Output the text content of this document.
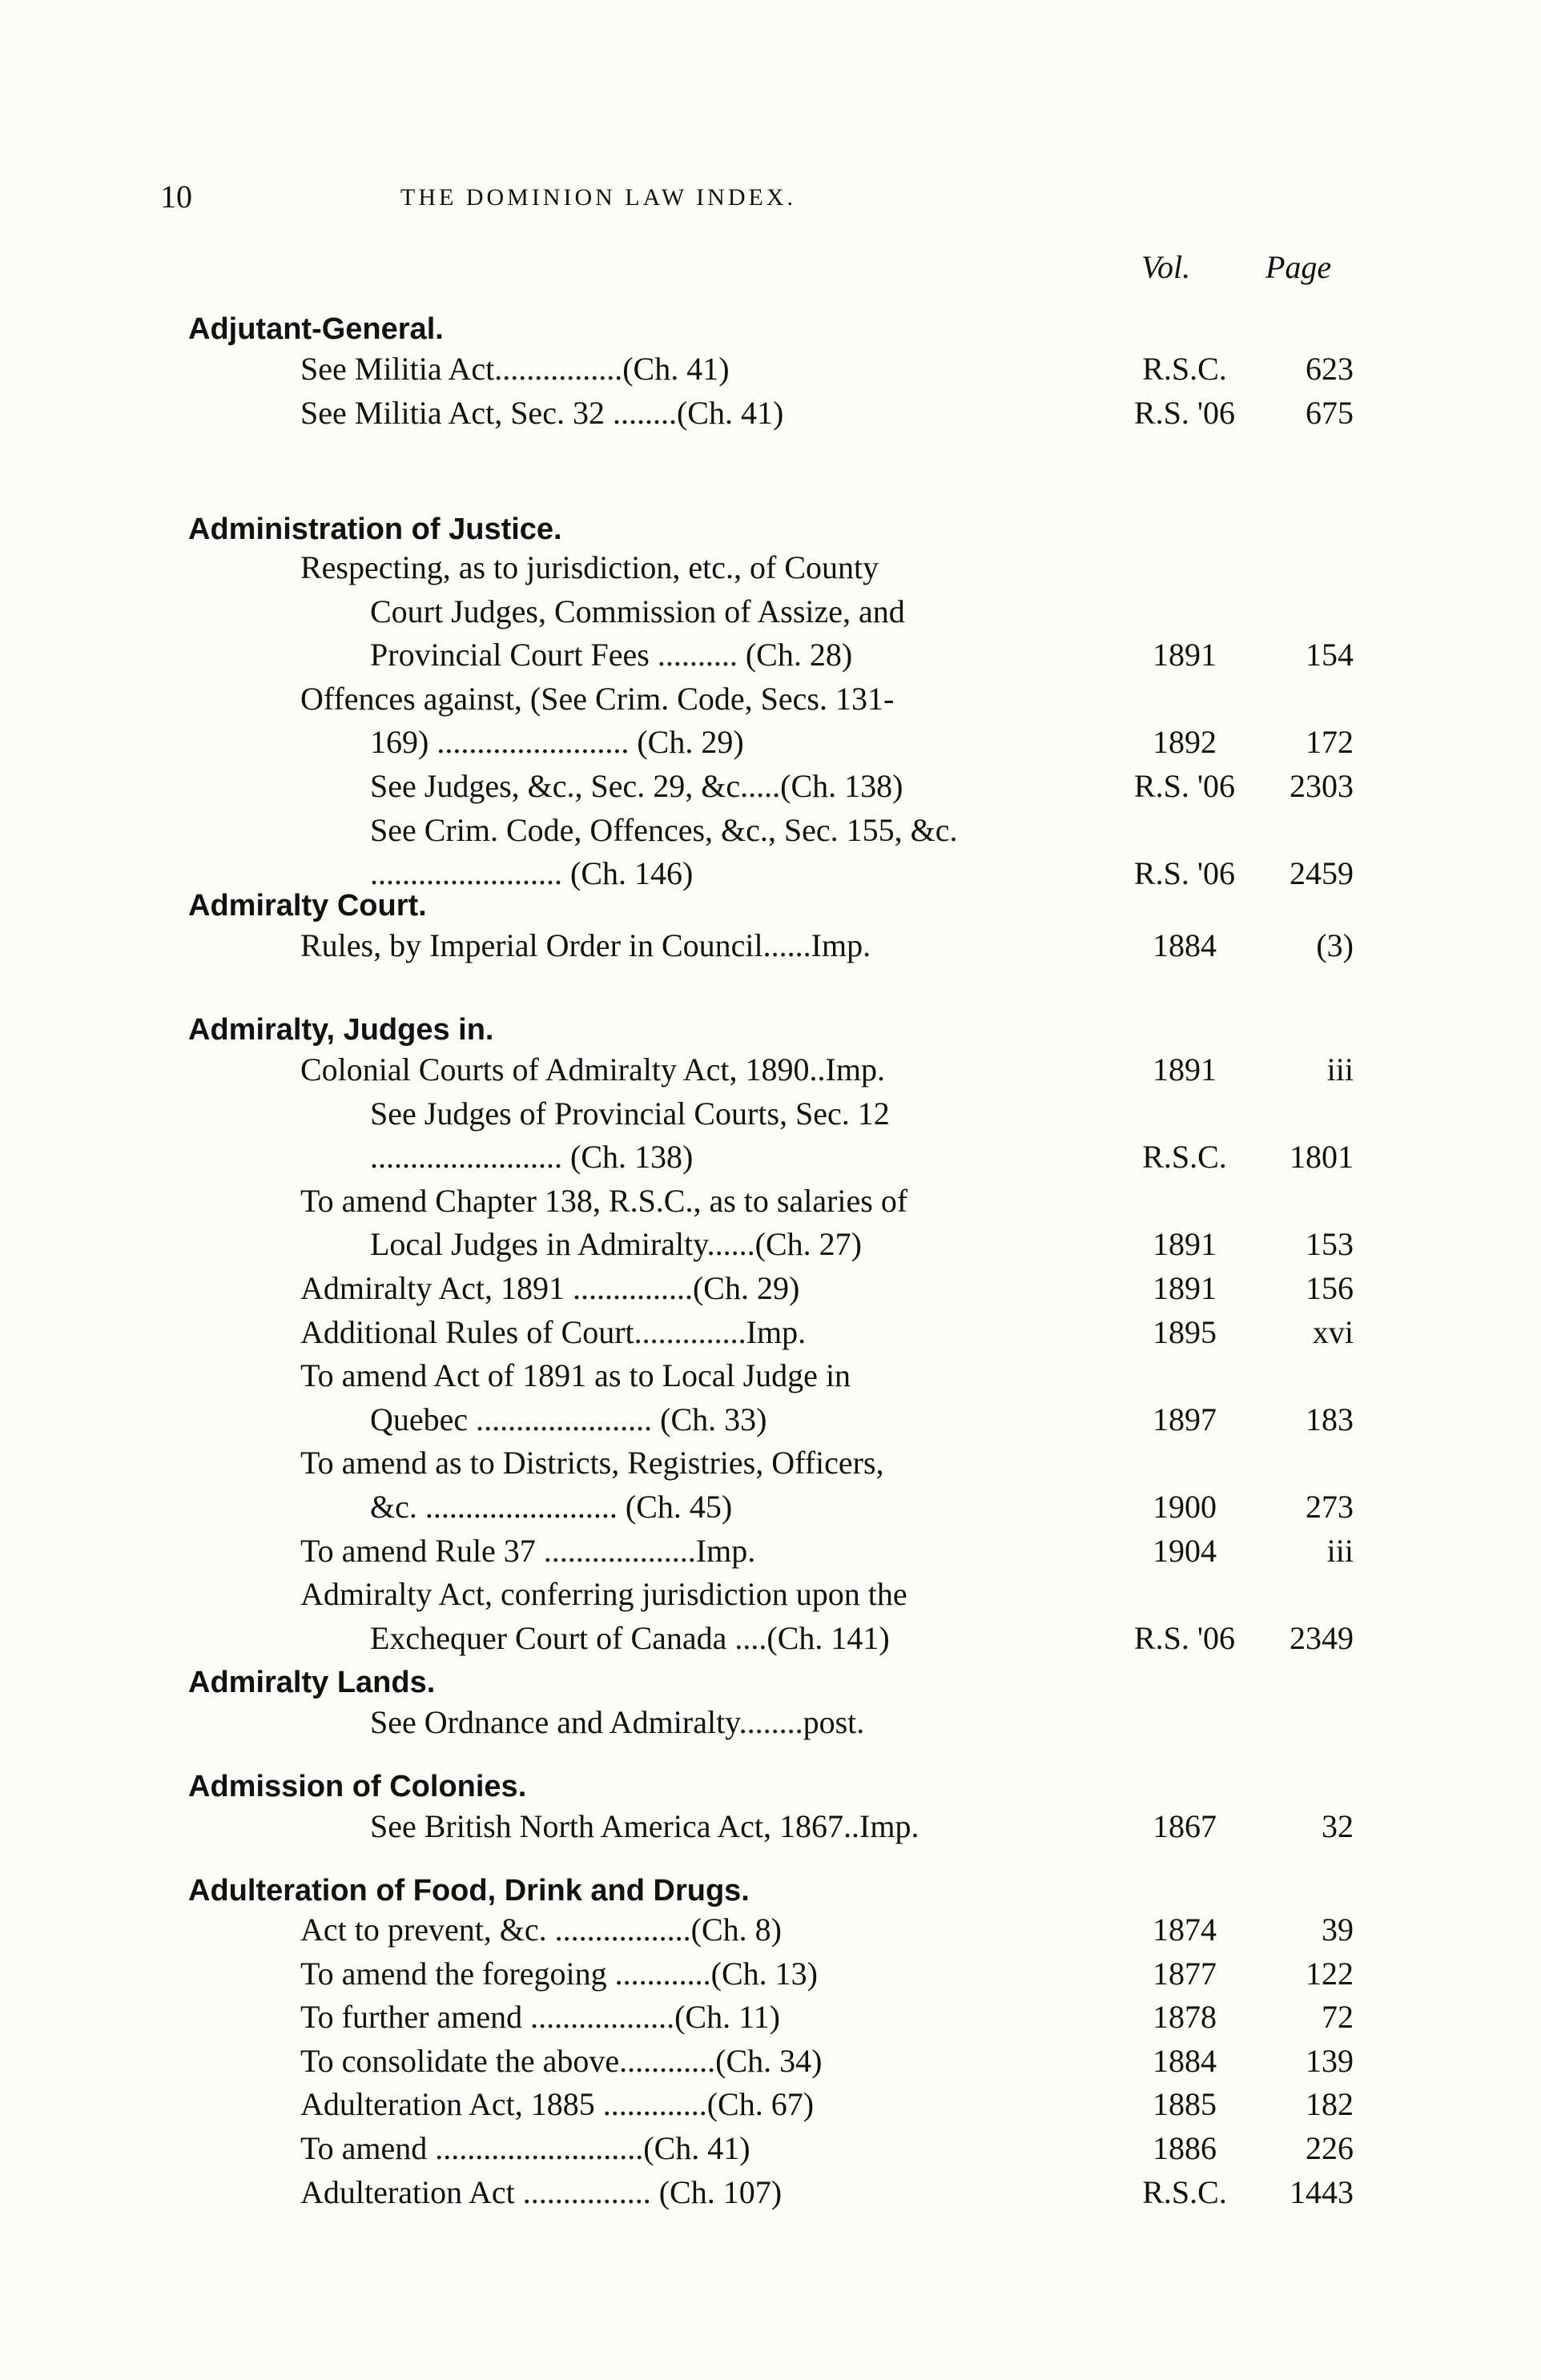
10	THE DOMINION LAW INDEX.
Vol. Page
Adjutant-General.
See Militia Act................(Ch. 41)	R.S.C.	623
See Militia Act, Sec. 32 ........(Ch. 41)	R.S. '06	675
Administration of Justice.
Respecting, as to jurisdiction, etc., of County
Court Judges, Commission of Assize, and
Provincial Court Fees .......... (Ch. 28)	1891	154
Offences against, (See Crim. Code, Secs. 131-
169) ........................ (Ch. 29)	1892	172
See Judges, &c., Sec. 29, &c.....(Ch. 138)	R.S. '06	2303
See Crim. Code, Offences, &c., Sec. 155, &c.
........................ (Ch. 146)	R.S. '06	2459
Admiralty Court.
Rules, by Imperial Order in Council......Imp.	1884	(3)
Admiralty, Judges in.
Colonial Courts of Admiralty Act, 1890..Imp.	1891	iii
See Judges of Provincial Courts, Sec. 12
........................ (Ch. 138)	R.S.C.	1801
To amend Chapter 138, R.S.C., as to salaries of
Local Judges in Admiralty......(Ch. 27)	1891	153
Admiralty Act, 1891 ...............(Ch. 29)	1891	156
Additional Rules of Court..............Imp.	1895	xvi
To amend Act of 1891 as to Local Judge in
Quebec ...................... (Ch. 33)	1897	183
To amend as to Districts, Registries, Officers,
&c. ........................ (Ch. 45)	1900	273
To amend Rule 37 ...................Imp.	1904	iii
Admiralty Act, conferring jurisdiction upon the
Exchequer Court of Canada ....(Ch. 141)	R.S. '06	2349
Admiralty Lands.
See Ordnance and Admiralty........post.
Admission of Colonies.
See British North America Act, 1867..Imp.	1867	32
Adulteration of Food, Drink and Drugs.
Act to prevent, &c. .................(Ch. 8)	1874	39
To amend the foregoing ............(Ch. 13)	1877	122
To further amend ..................(Ch. 11)	1878	72
To consolidate the above............(Ch. 34)	1884	139
Adulteration Act, 1885 .............(Ch. 67)	1885	182
To amend ..........................(Ch. 41)	1886	226
Adulteration Act ................ (Ch. 107)	R.S.C.	1443
